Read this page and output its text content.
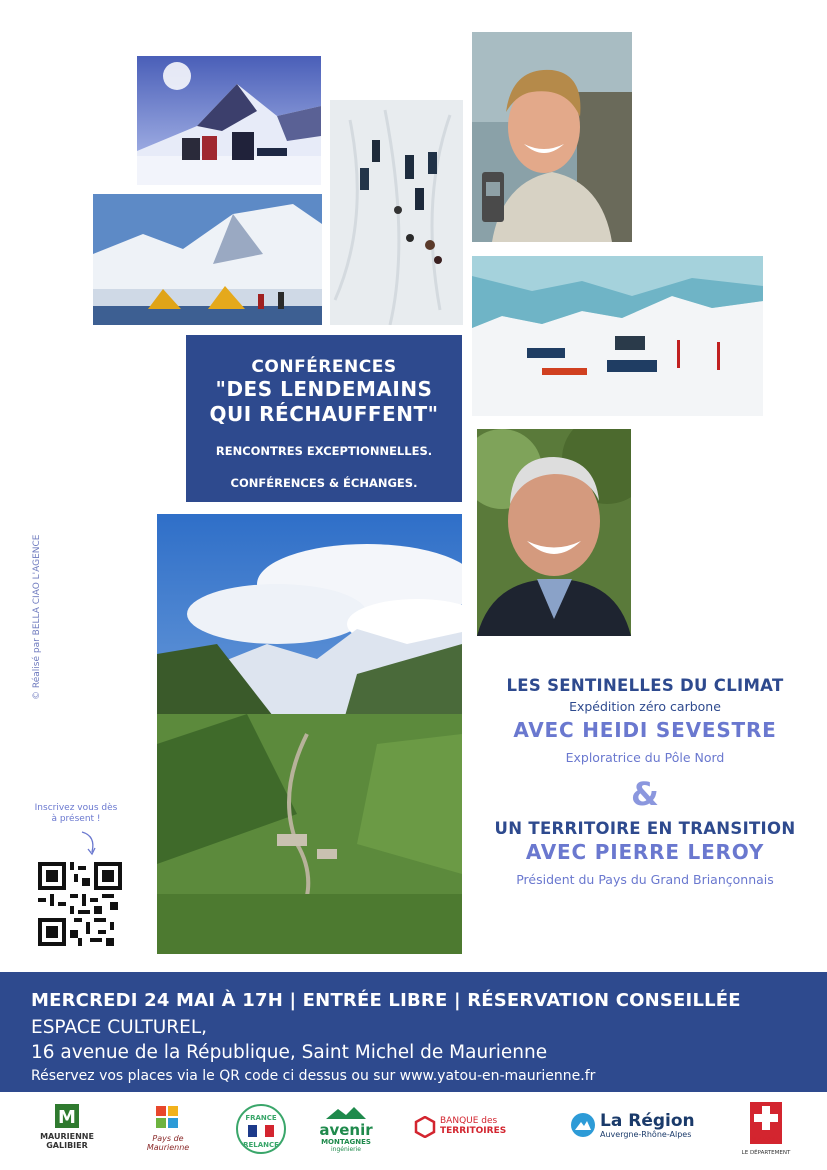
CONFÉRENCES
"DES LENDEMAINS
QUI RÉCHAUFFENT"
RENCONTRES EXCEPTIONNELLES.
CONFÉRENCES & ÉCHANGES.
© Réalisé par BELLA CIAO L'AGENCE	LES SENTINELLES DU CLIMAT
Expédition zéro carbone
AVEC HEIDI SEVESTRE
Exploratrice du Pôle Nord
&
UN TERRITOIRE EN TRANSITION
AVEC PIERRE LEROY
Président du Pays du Grand Briançonnais
Inscrivez vous dès
à présent !
MERCREDI 24 MAI À 17H | ENTRÉE LIBRE | RÉSERVATION CONSEILLÉE
ESPACE CULTUREL,
16 avenue de la République, Saint Michel de Maurienne
Réservez vos places via le QR code ci dessus ou sur www.yatou-en-maurienne.fr
M
MAURIENNE
GALIBIER
Pays de Maurienne
FRANCE
RELANCE
avenir
MONTAGNES
ingénierie
BANQUE des
TERRITOIRES	La Région
Auvergne-Rhône-Alpes
SAVOIE
LE DÉPARTEMENT
